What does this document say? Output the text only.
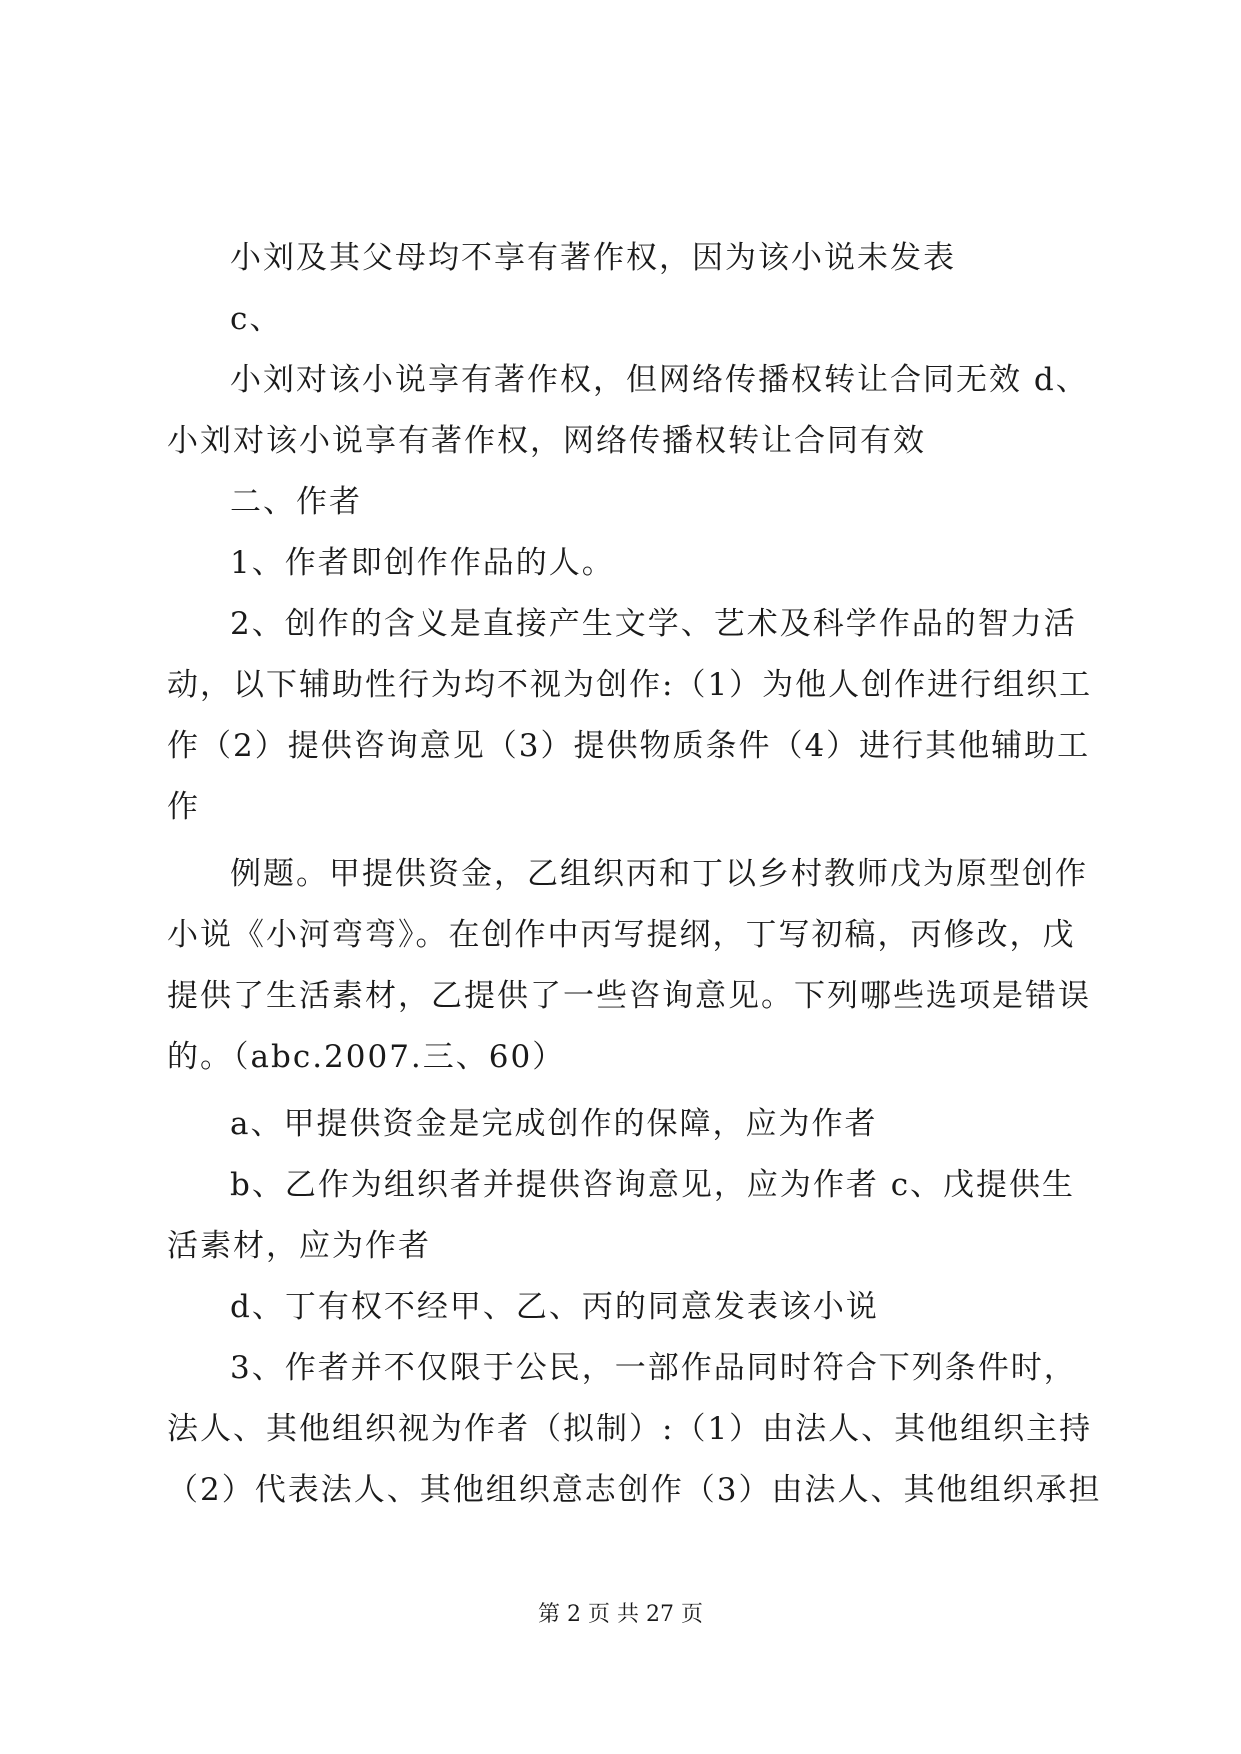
小刘及其父母均不享有著作权，因为该小说未发表
c、
小刘对该小说享有著作权，但网络传播权转让合同无效 d、
小刘对该小说享有著作权，网络传播权转让合同有效
二、作者
1、作者即创作作品的人。
2、创作的含义是直接产生文学、艺术及科学作品的智力活
动，以下辅助性行为均不视为创作:（1）为他人创作进行组织工
作（2）提供咨询意见（3）提供物质条件（4）进行其他辅助工
作
例题。甲提供资金，乙组织丙和丁以乡村教师戊为原型创作
小说《小河弯弯》。在创作中丙写提纲，丁写初稿，丙修改，戊
提供了生活素材，乙提供了一些咨询意见。下列哪些选项是错误
的。（abc.2007.三、60）
a、甲提供资金是完成创作的保障，应为作者
b、乙作为组织者并提供咨询意见，应为作者 c、戊提供生
活素材，应为作者
d、丁有权不经甲、乙、丙的同意发表该小说
3、作者并不仅限于公民，一部作品同时符合下列条件时，
法人、其他组织视为作者（拟制）:（1）由法人、其他组织主持
（2）代表法人、其他组织意志创作（3）由法人、其他组织承担
第 2 页 共 27 页
